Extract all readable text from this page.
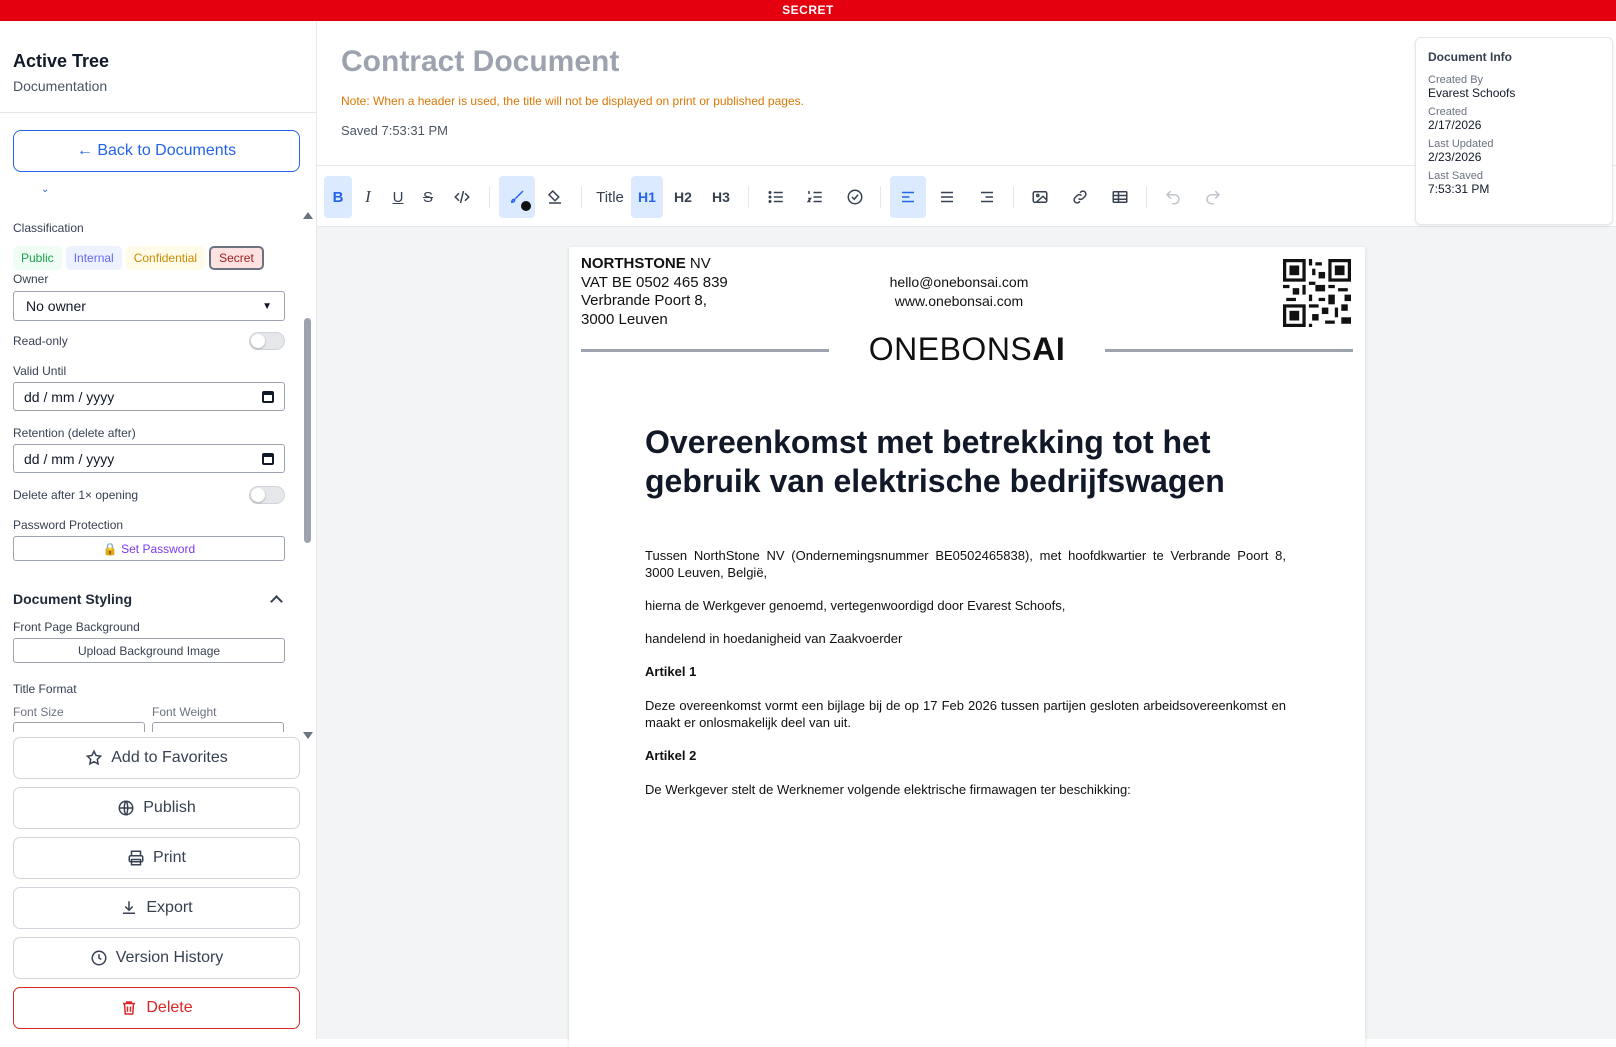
SECRET
Active Tree
Documentation
← Back to Documents
⌄
Classification
Public	Internal	Confidential	Secret
Owner
No owner	▼
Read-only
Valid Until
dd / mm / yyyy
Retention (delete after)
dd / mm / yyyy
Delete after 1× opening
Password Protection
🔒 Set Password
Document Styling
Front Page Background
Upload Background Image
Title Format
Font Size	Font Weight
Add to Favorites
Publish
Print
Export
Version History
Delete
Contract Document
Note: When a header is used, the title will not be displayed on print or published pages.
Saved 7:53:31 PM
B I U S	Title H1 H2 H3
NORTHSTONE NV
VAT BE 0502 465 839
Verbrande Poort 8,
3000 Leuven
hello@onebonsai.com
www.onebonsai.com
ONEBONSAI
Overeenkomst met betrekking tot het gebruik van elektrische bedrijfswagen
Tussen NorthStone NV (Ondernemingsnummer BE0502465838), met hoofdkwartier te Verbrande Poort 8, 3000 Leuven, België,
hierna de Werkgever genoemd, vertegenwoordigd door Evarest Schoofs,
handelend in hoedanigheid van Zaakvoerder
Artikel 1
Deze overeenkomst vormt een bijlage bij de op 17 Feb 2026 tussen partijen gesloten arbeidsovereenkomst en maakt er onlosmakelijk deel van uit.
Artikel 2
De Werkgever stelt de Werknemer volgende elektrische firmawagen ter beschikking:
Document Info
Created By
Evarest Schoofs
Created
2/17/2026
Last Updated
2/23/2026
Last Saved
7:53:31 PM
